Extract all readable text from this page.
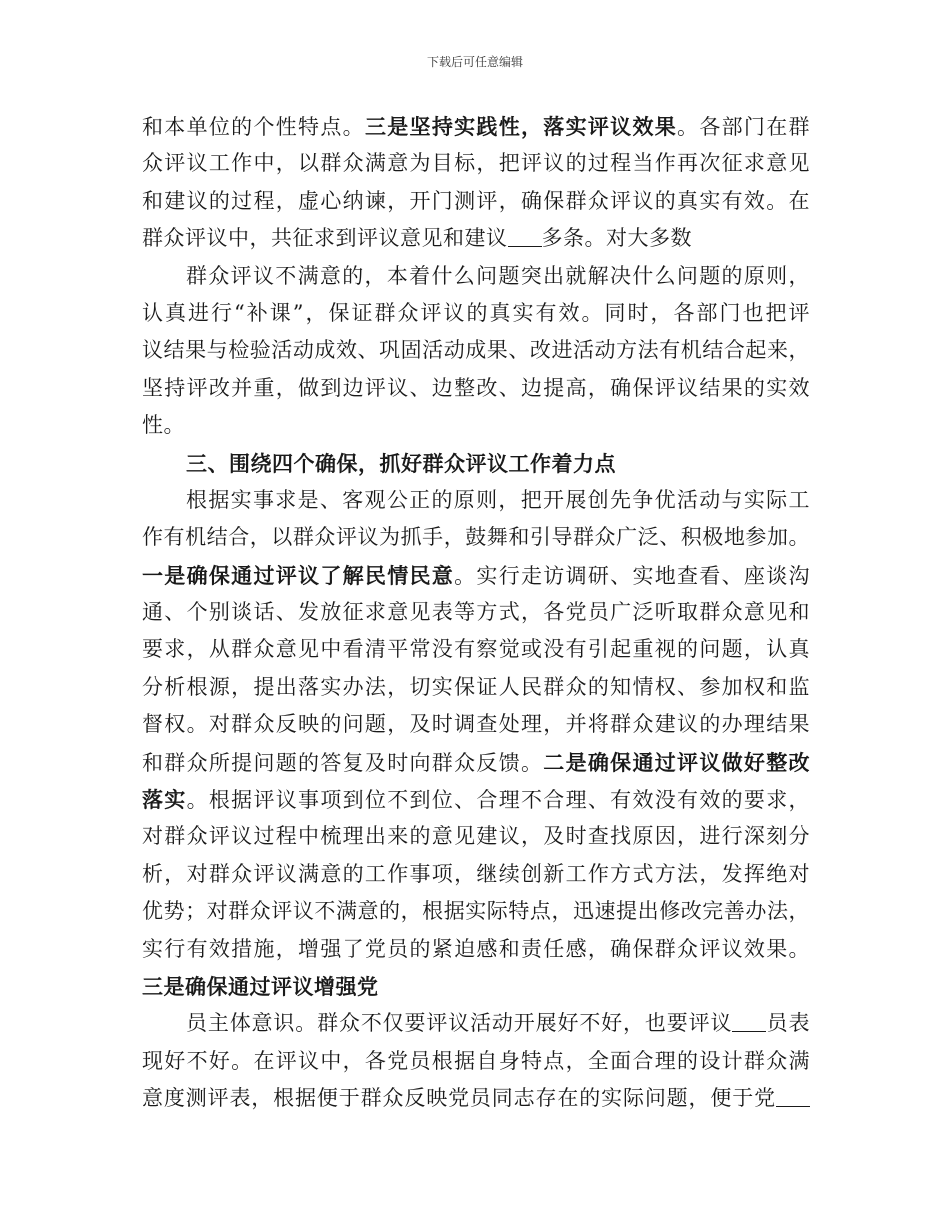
下载后可任意编辑
和本单位的个性特点。三是坚持实践性，落实评议效果。各部门在群
众评议工作中，以群众满意为目标，把评议的过程当作再次征求意见
和建议的过程，虚心纳谏，开门测评，确保群众评议的真实有效。在
群众评议中，共征求到评议意见和建议 多条。对大多数
群众评议不满意的，本着什么问题突出就解决什么问题的原则，
认真进行“补课”，保证群众评议的真实有效。同时，各部门也把评
议结果与检验活动成效、巩固活动成果、改进活动方法有机结合起来，
坚持评改并重，做到边评议、边整改、边提高，确保评议结果的实效
性。
三、围绕四个确保，抓好群众评议工作着力点
根据实事求是、客观公正的原则，把开展创先争优活动与实际工
作有机结合，以群众评议为抓手，鼓舞和引导群众广泛、积极地参加。
一是确保通过评议了解民情民意。实行走访调研、实地查看、座谈沟
通、个别谈话、发放征求意见表等方式，各党员广泛听取群众意见和
要求，从群众意见中看清平常没有察觉或没有引起重视的问题，认真
分析根源，提出落实办法，切实保证人民群众的知情权、参加权和监
督权。对群众反映的问题，及时调查处理，并将群众建议的办理结果
和群众所提问题的答复及时向群众反馈。二是确保通过评议做好整改
落实。根据评议事项到位不到位、合理不合理、有效没有效的要求，
对群众评议过程中梳理出来的意见建议，及时查找原因，进行深刻分
析，对群众评议满意的工作事项，继续创新工作方式方法，发挥绝对
优势；对群众评议不满意的，根据实际特点，迅速提出修改完善办法，
实行有效措施，增强了党员的紧迫感和责任感，确保群众评议效果。
三是确保通过评议增强党
员主体意识。群众不仅要评议活动开展好不好，也要评议 员表
现好不好。在评议中，各党员根据自身特点，全面合理的设计群众满
意度测评表，根据便于群众反映党员同志存在的实际问题，便于党
